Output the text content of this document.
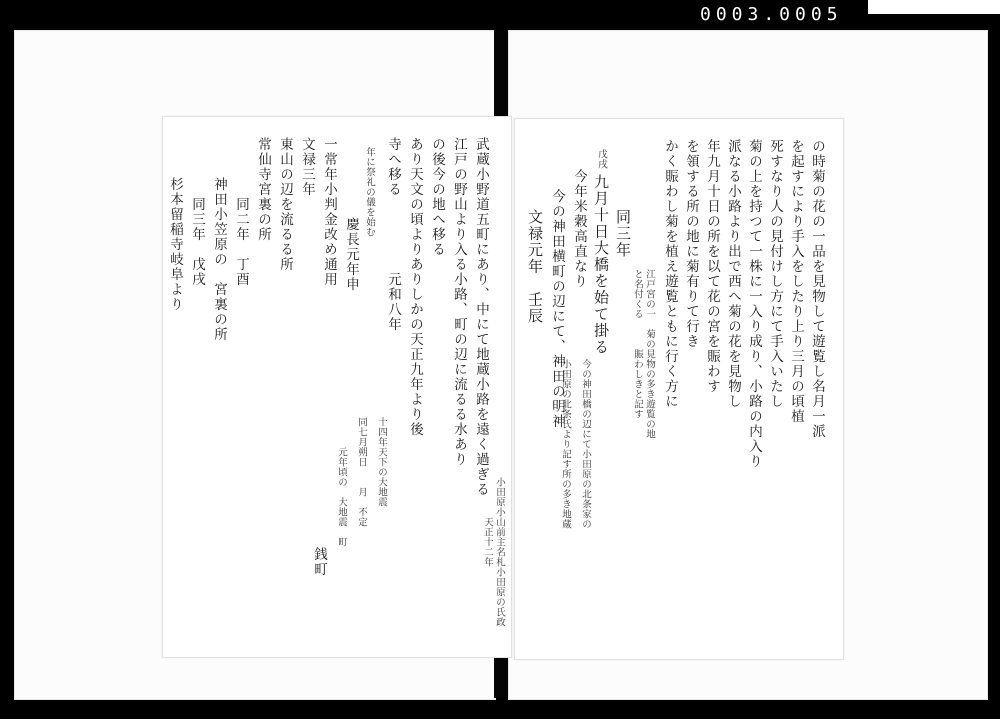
0003.0005
武蔵小野道五町にあり、中にて地蔵小路を遠く過ぎる
江戸の野山より入る小路、町の辺に流るる水あり
の後今の地へ移る
あり天文の頃よりありしかの天正九年より後
寺へ移る　　　　　元和八年
年に祭礼の儀を始む
慶長元年申
一常年小判金改め通用
文禄三年
東山の辺を流るる所
常仙寺宮裏の所
同二年　丁酉
神田小笠原の　宮裏の所
同三年　戊戌
杉本留稲寺岐阜より
小田原小山前主名札小田原の氏政
天正十二年
十四年天下の大地震
同七月朔日　　月　不定
元年頃の　大地震　町
銭町
の時菊の花の一品を見物して遊覧し名月一派
を起すにより手入をしたり上り三月の頃植
死すなり人の見付けし方にて手入いたし
菊の上を持つて一株に一入り成り、小路の内入り
派なる小路より出で西へ菊の花を見物し
年九月十日の所を以て花の宮を賑わす
を領する所の地に菊有りて行き
かく賑わし菊を植え遊覧ともに行く方に
江戸宮の一　菊の見物の多き遊覧の地
と名付くる　　　賑わしきと記す
同三年
九月十日大橋を始て掛る
戊戌
今年米穀高直なり
今の神田橋の辺にて小田原の北条家の
小田原の北条氏より記す所の多き地蔵
今の神田横町の辺にて、神田の明神
文禄元年　壬辰
